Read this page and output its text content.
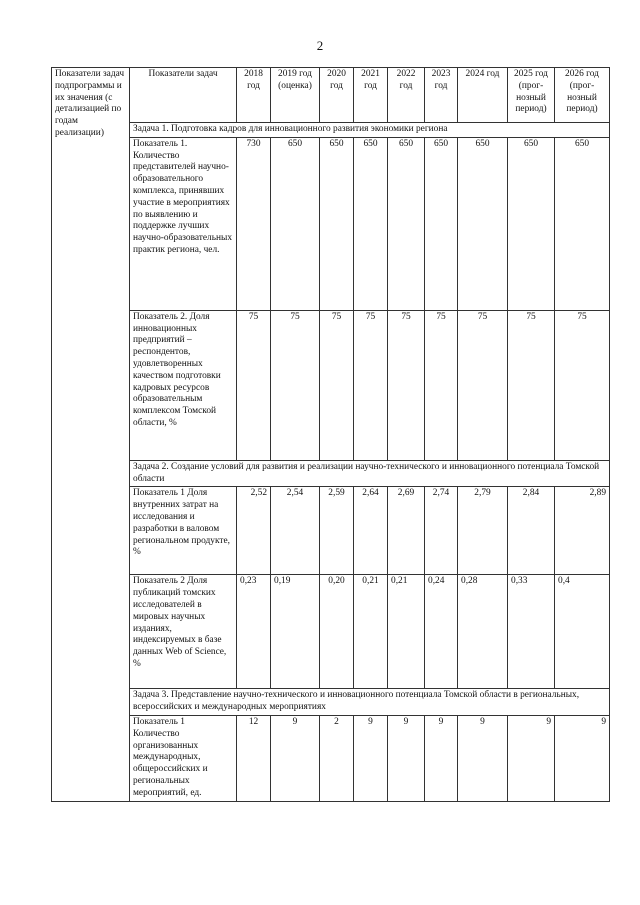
2
Показатели задач подпрограммы и их значения (с детализацией по годам реализации)	Показатели задач	2018 год	2019 год (оценка)	2020 год	2021 год	2022 год	2023 год	2024 год	2025 год (прог-нозный период)	2026 год (прог-нозный период)
	Задача 1. Подготовка кадров для инновационного развития экономики региона									
	Показатель 1. Количество представителей научно-образовательного комплекса, принявших участие в мероприятиях по выявлению и поддержке лучших научно-образовательных практик региона, чел.	730	650	650	650	650	650	650	650	650
	Показатель 2. Доля инновационных предприятий – респондентов, удовлетворенных качеством подготовки кадровых ресурсов образовательным комплексом Томской области, %	75	75	75	75	75	75	75	75	75
	Задача 2. Создание условий для развития и реализации научно-технического и инновационного потенциала Томской области									
	Показатель 1 Доля внутренних затрат на исследования и разработки в валовом региональном продукте, %	2,52	2,54	2,59	2,64	2,69	2,74	2,79	2,84	2,89
	Показатель 2 Доля публикаций томских исследователей в мировых научных изданиях, индексируемых в базе данных Web of Science, %	0,23	0,19	0,20	0,21	0,21	0,24	0,28	0,33	0,4
	Задача 3. Представление научно-технического и инновационного потенциала Томской области в региональных, всероссийских и международных мероприятиях									
	Показатель 1 Количество организованных международных, общероссийских и региональных мероприятий, ед.	12	9	2	9	9	9	9	9	9
